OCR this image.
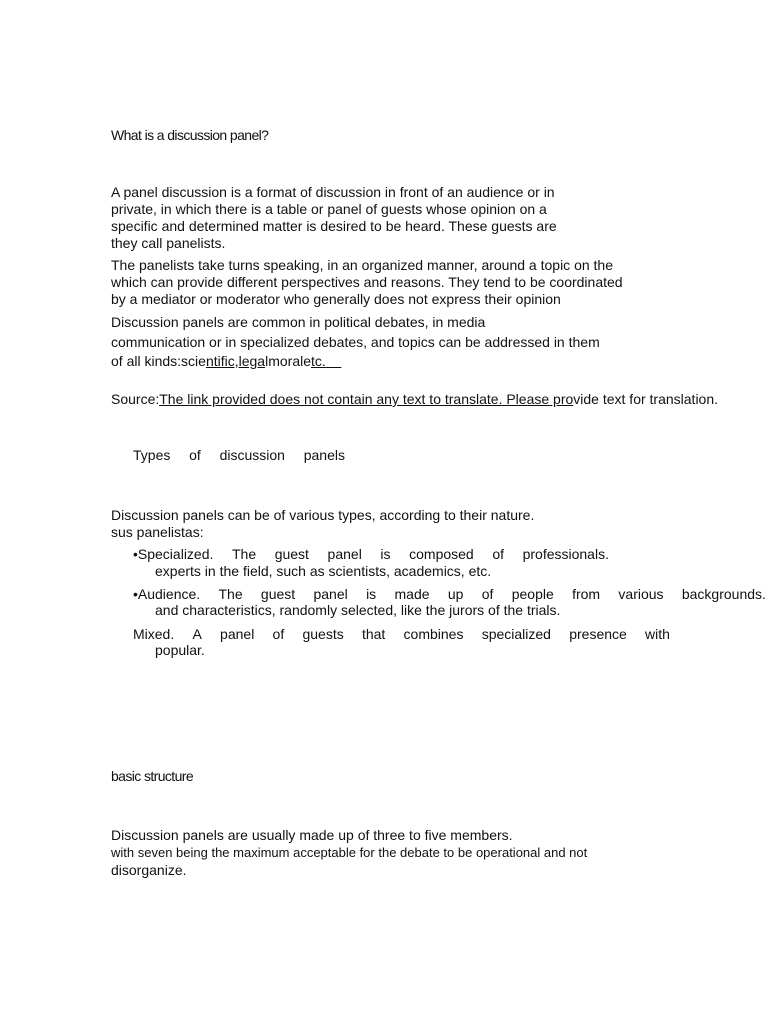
What is a discussion panel?
A panel discussion is a format of discussion in front of an audience or in
private, in which there is a table or panel of guests whose opinion on a
specific and determined matter is desired to be heard. These guests are
they call panelists.
The panelists take turns speaking, in an organized manner, around a topic on the
which can provide different perspectives and reasons. They tend to be coordinated
by a mediator or moderator who generally does not express their opinion
Discussion panels are common in political debates, in media
communication or in specialized debates, and topics can be addressed in them
of all kinds:scientific,legalmoraletc.
Source:The link provided does not contain any text to translate. Please provide text for translation.
Types of discussion panels
Discussion panels can be of various types, according to their nature.
sus panelistas:
•Specialized. The guest panel is composed of professionals.
experts in the field, such as scientists, academics, etc.
•Audience. The guest panel is made up of people from various backgrounds.
and characteristics, randomly selected, like the jurors of the trials.
Mixed. A panel of guests that combines specialized presence with
popular.
basic structure
Discussion panels are usually made up of three to five members.
with seven being the maximum acceptable for the debate to be operational and not
disorganize.
